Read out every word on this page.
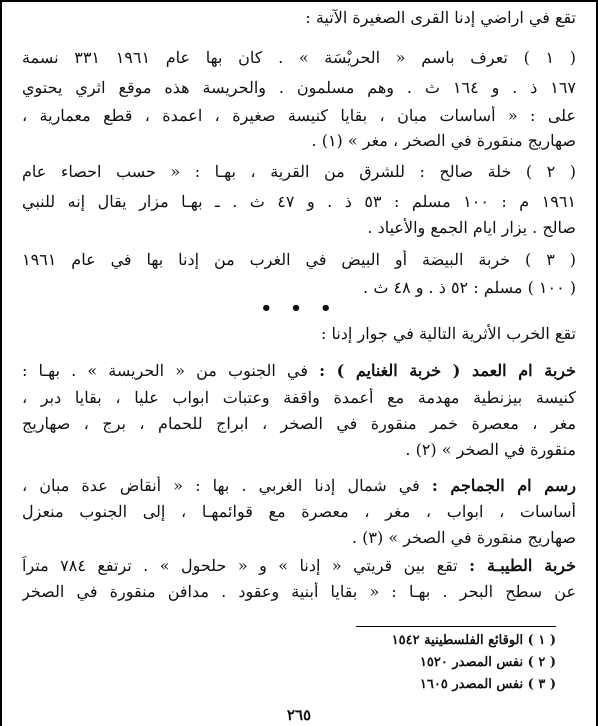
تقع في اراضي إدنا القرى الصغيرة الآتية :
( ١ ) تعرف باسم « الحريْسَة » . كان بها عام ١٩٦١ ٣٣١ نسمة
١٦٧ ذ . و ١٦٤ ث . وهم مسلمون . والحريسة هذه موقع اثري يحتوي
على : « أساسات مبان ، بقايا كنيسة صغيرة ، اعمدة ، قطع معمارية ،
صهاريج منقورة في الصخر ، مغر » (١) .
( ٢ ) خلة صالح : للشرق من القرية ، بهـا : « حسب احصاء عام
١٩٦١ م : ١٠٠ مسلم : ٥٣ ذ . و ٤٧ ث . ـ بهـا مزار يقال إنه للنبي
صالح . يزار ايام الجمع والأعياد .
( ٣ ) خربة البيضة أو البيض في الغرب من إدنا بها في عام ١٩٦١
( ١٠٠ ) مسلم : ٥٢ ذ . و ٤٨ ث .
• • •
تقع الخرب الأثرية التالية في جوار إدنا :
خربة ام العمد ( خربة الغنايم ) : في الجنوب من « الحريسة » . بهـا :
كنيسة بيزنطية مهدمة مع أعمدة واقفة وعتبات ابواب عليا ، بقايا دبر ،
مغر ، معصرة خمر منقورة في الصخر ، ابراج للحمام ، برج ، صهاريج
منقورة في الصخر » (٢) .
رسم ام الجماجم : في شمال إدنا الغربي . بها : « أنقاض عدة مبان ،
أساسات ، ابواب ، مغر ، معصرة مع قوائمهـا ، إلى الجنوب منعزل
صهاريج منقورة في الصخر » (٣) .
خربة الطيبـة : تقع بين قريتي « إدنا » و « حلحول » . ترتفع ٧٨٤ متراً
عن سطح البحر . بهـا : « بقايا أبنية وعقود . مدافن منقورة في الصخر
( ١ ) الوقائع الفلسطينية ١٥٤٢
( ٢ ) نفس المصدر ١٥٢٠
( ٣ ) نفس المصدر ١٦٠٥
٢٦٥
